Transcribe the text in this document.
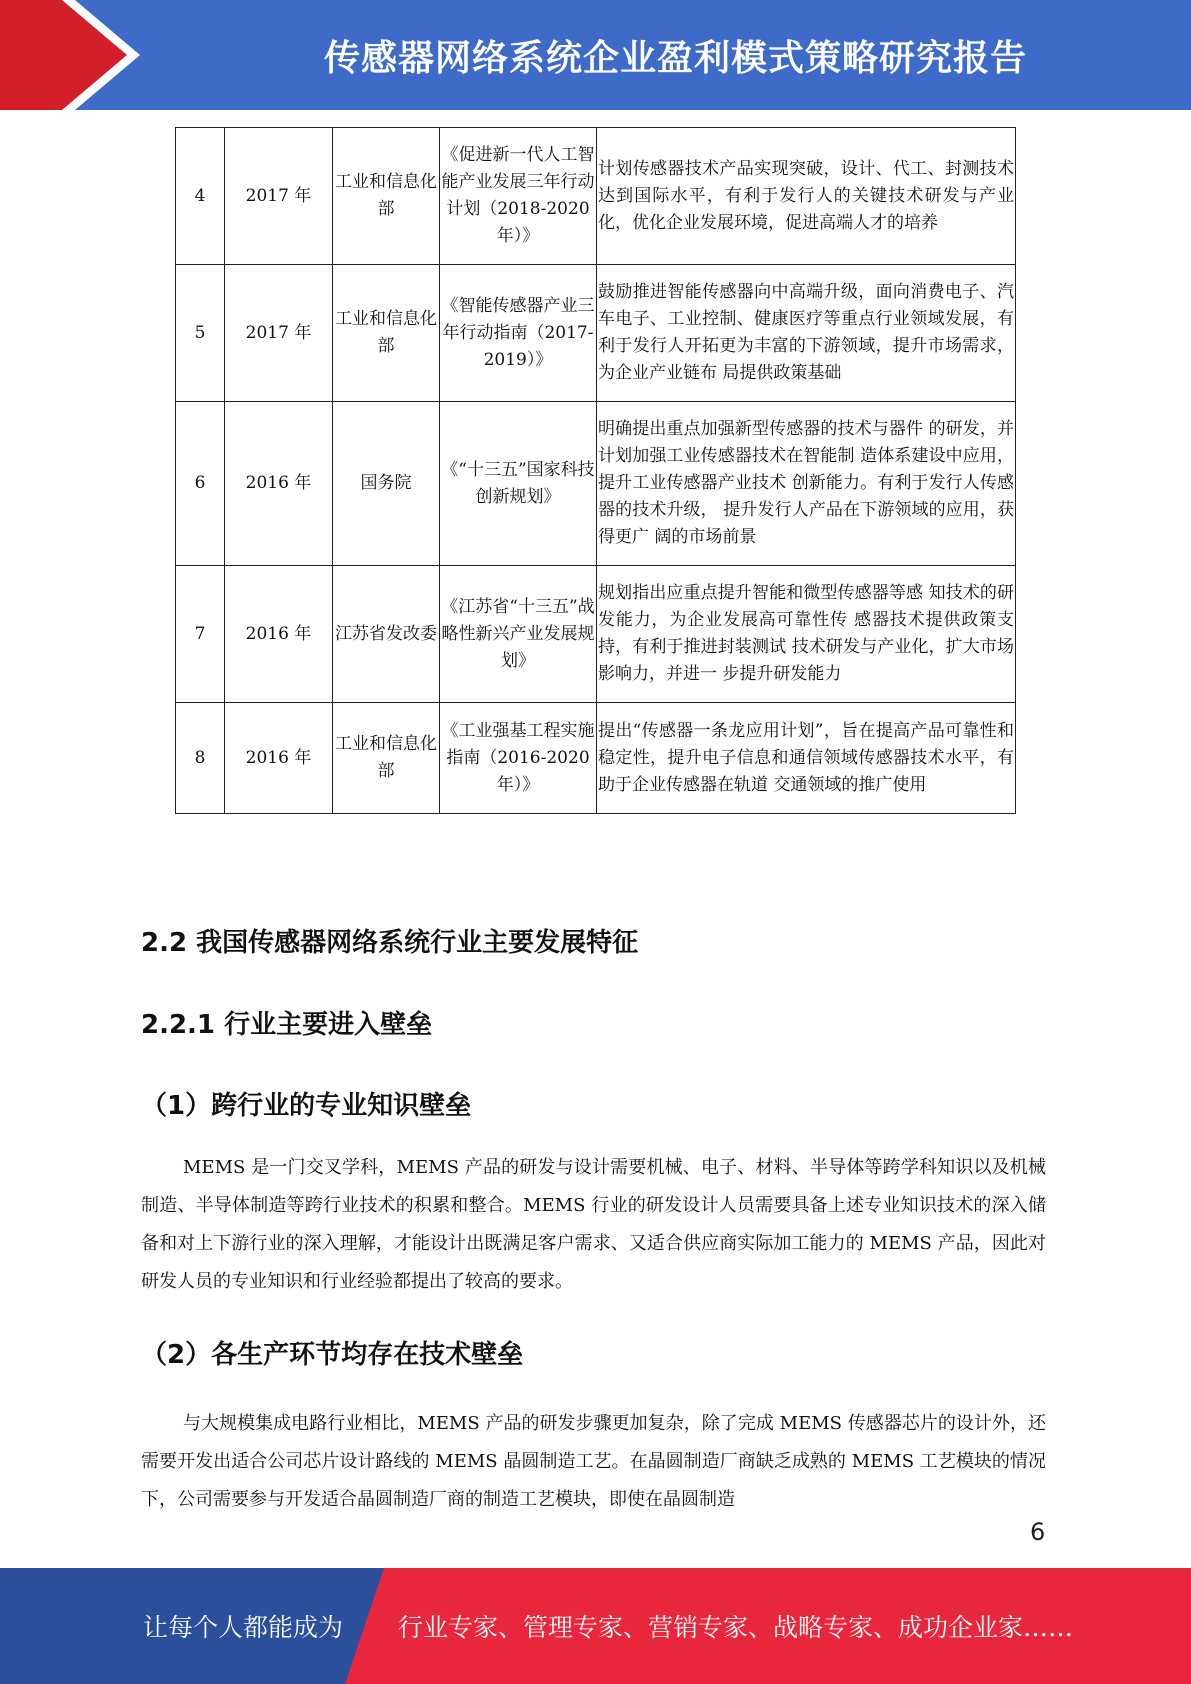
传感器网络系统企业盈利模式策略研究报告
4	2017 年	工业和信息化部	《促进新一代人工智能产业发展三年行动计划（2018-2020年）》	计划传感器技术产品实现突破，设计、代工、封测技术达到国际水平，有利于发行人的关键技术研发与产业化，优化企业发展环境，促进高端人才的培养
5	2017 年	工业和信息化部	《智能传感器产业三年行动指南（2017-2019）》	鼓励推进智能传感器向中高端升级，面向消费电子、汽车电子、工业控制、健康医疗等重点行业领域发展，有利于发行人开拓更为丰富的下游领域，提升市场需求，为企业产业链布 局提供政策基础
6	2016 年	国务院	《“十三五”国家科技创新规划》	明确提出重点加强新型传感器的技术与器件 的研发，并计划加强工业传感器技术在智能制 造体系建设中应用，提升工业传感器产业技术 创新能力。有利于发行人传感器的技术升级， 提升发行人产品在下游领域的应用，获得更广 阔的市场前景
7	2016 年	江苏省发改委	《江苏省“十三五”战略性新兴产业发展规划》	规划指出应重点提升智能和微型传感器等感 知技术的研发能力，为企业发展高可靠性传 感器技术提供政策支持，有利于推进封装测试 技术研发与产业化，扩大市场影响力，并进一 步提升研发能力
8	2016 年	工业和信息化部	《工业强基工程实施指南（2016-2020年）》	提出“传感器一条龙应用计划”，旨在提高产品可靠性和稳定性，提升电子信息和通信领域传感器技术水平，有助于企业传感器在轨道 交通领域的推广使用
2.2 我国传感器网络系统行业主要发展特征
2.2.1 行业主要进入壁垒
（1）跨行业的专业知识壁垒

MEMS 是一门交叉学科，MEMS 产品的研发与设计需要机械、电子、材料、半导体等跨学科知识以及机械制造、半导体制造等跨行业技术的积累和整合。MEMS 行业的研发设计人员需要具备上述专业知识技术的深入储备和对上下游行业的深入理解，才能设计出既满足客户需求、又适合供应商实际加工能力的 MEMS 产品，因此对研发人员的专业知识和行业经验都提出了较高的要求。

（2）各生产环节均存在技术壁垒

与大规模集成电路行业相比，MEMS 产品的研发步骤更加复杂，除了完成 MEMS 传感器芯片的设计外，还需要开发出适合公司芯片设计路线的 MEMS 晶圆制造工艺。在晶圆制造厂商缺乏成熟的 MEMS 工艺模块的情况下，公司需要参与开发适合晶圆制造厂商的制造工艺模块，即使在晶圆制造

6
让每个人都能成为 行业专家、管理专家、营销专家、战略专家、成功企业家……
